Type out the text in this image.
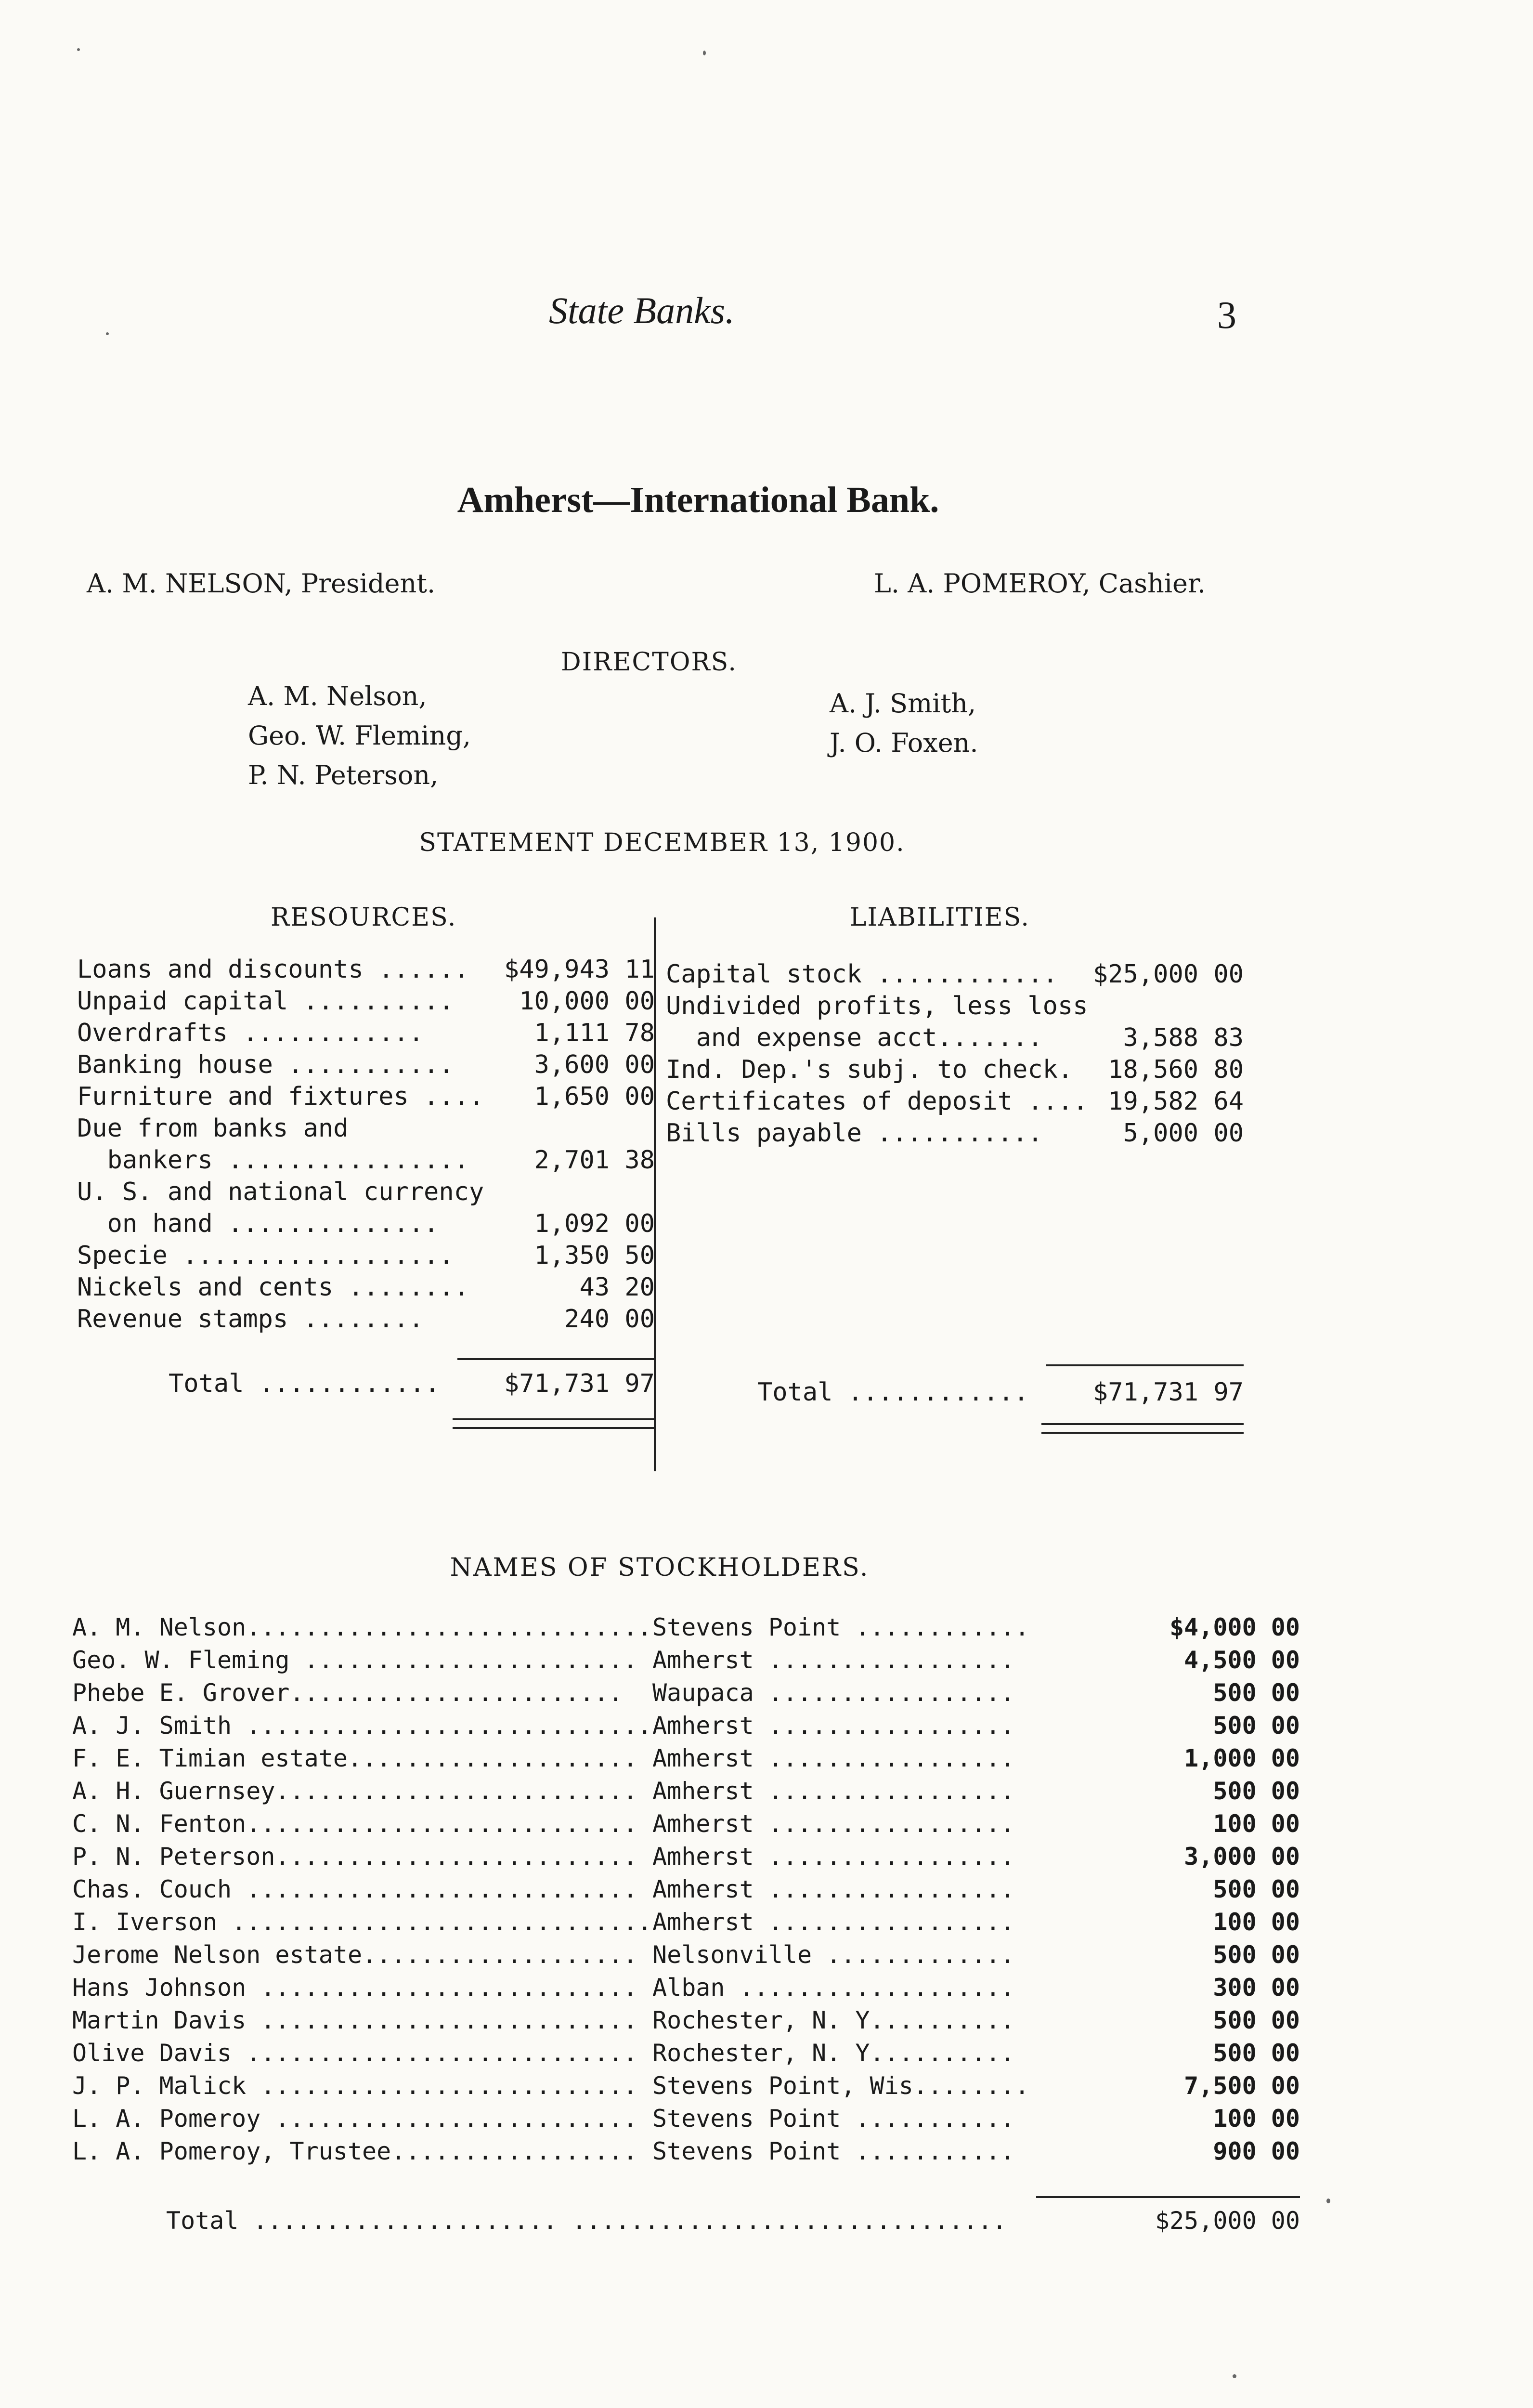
State Banks.	3
Amherst—International Bank.
A. M. NELSON, President.	L. A. POMEROY, Cashier.
DIRECTORS.
A. M. Nelson,
Geo. W. Fleming,
P. N. Peterson,
A. J. Smith,
J. O. Foxen.
STATEMENT DECEMBER 13, 1900.
RESOURCES.	LIABILITIES.
Loans and discounts ...... $49,943 11
Unpaid capital ..........	10,000 00
Overdrafts ............	1,111 78
Banking house ...........	3,600 00
Furniture and fixtures .... 1,650 00
Due from banks and
bankers ................	2,701 38
U. S. and national currency
on hand ..............	1,092 00
Specie ..................	1,350 50
Nickels and cents ........	43 20
Revenue stamps ........	240 00
Total ............	$71,731 97
Capital stock ............ $25,000 00
Undivided profits, less loss
and expense acct.......	3,588 83
Ind. Dep.'s subj. to check. 18,560 80
Certificates of deposit .... 19,582 64
Bills payable ...........	5,000 00
Total ............	$71,731 97
NAMES OF STOCKHOLDERS.
A. M. Nelson............................ Stevens Point ............	$4,000 00
Geo. W. Fleming ....................... Amherst .................	4,500 00
Phebe E. Grover....................... Waupaca .................	500 00
A. J. Smith ............................ Amherst .................	500 00
F. E. Timian estate.................... Amherst .................	1,000 00
A. H. Guernsey......................... Amherst .................	500 00
C. N. Fenton........................... Amherst .................	100 00
P. N. Peterson......................... Amherst .................	3,000 00
Chas. Couch ........................... Amherst .................	500 00
I. Iverson ............................. Amherst .................	100 00
Jerome Nelson estate................... Nelsonville .............	500 00
Hans Johnson .......................... Alban ...................	300 00
Martin Davis .......................... Rochester, N. Y..........	500 00
Olive Davis ........................... Rochester, N. Y..........	500 00
J. P. Malick .......................... Stevens Point, Wis........	7,500 00
L. A. Pomeroy ......................... Stevens Point ...........	100 00
L. A. Pomeroy, Trustee................. Stevens Point ...........	900 00
Total ..................... ..............................	$25,000 00
